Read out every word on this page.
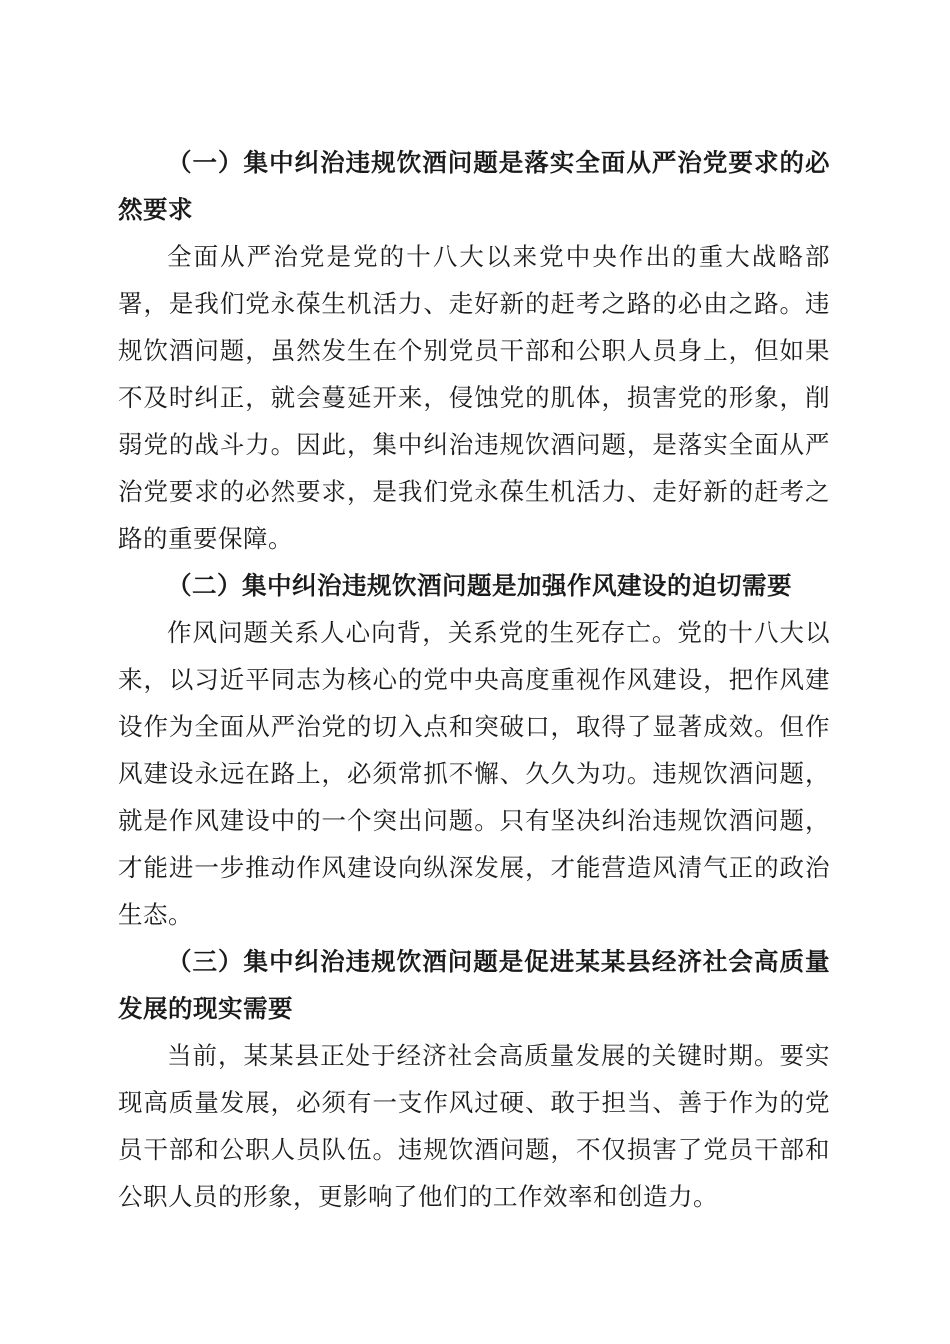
（一）集中纠治违规饮酒问题是落实全面从严治党要求的必然要求

全面从严治党是党的十八大以来党中央作出的重大战略部署，是我们党永葆生机活力、走好新的赶考之路的必由之路。违规饮酒问题，虽然发生在个别党员干部和公职人员身上，但如果不及时纠正，就会蔓延开来，侵蚀党的肌体，损害党的形象，削弱党的战斗力。因此，集中纠治违规饮酒问题，是落实全面从严治党要求的必然要求，是我们党永葆生机活力、走好新的赶考之路的重要保障。

（二）集中纠治违规饮酒问题是加强作风建设的迫切需要

作风问题关系人心向背，关系党的生死存亡。党的十八大以来，以习近平同志为核心的党中央高度重视作风建设，把作风建设作为全面从严治党的切入点和突破口，取得了显著成效。但作风建设永远在路上，必须常抓不懈、久久为功。违规饮酒问题，就是作风建设中的一个突出问题。只有坚决纠治违规饮酒问题，才能进一步推动作风建设向纵深发展，才能营造风清气正的政治生态。

（三）集中纠治违规饮酒问题是促进某某县经济社会高质量发展的现实需要

当前，某某县正处于经济社会高质量发展的关键时期。要实现高质量发展，必须有一支作风过硬、敢于担当、善于作为的党员干部和公职人员队伍。违规饮酒问题，不仅损害了党员干部和公职人员的形象，更影响了他们的工作效率和创造力。
